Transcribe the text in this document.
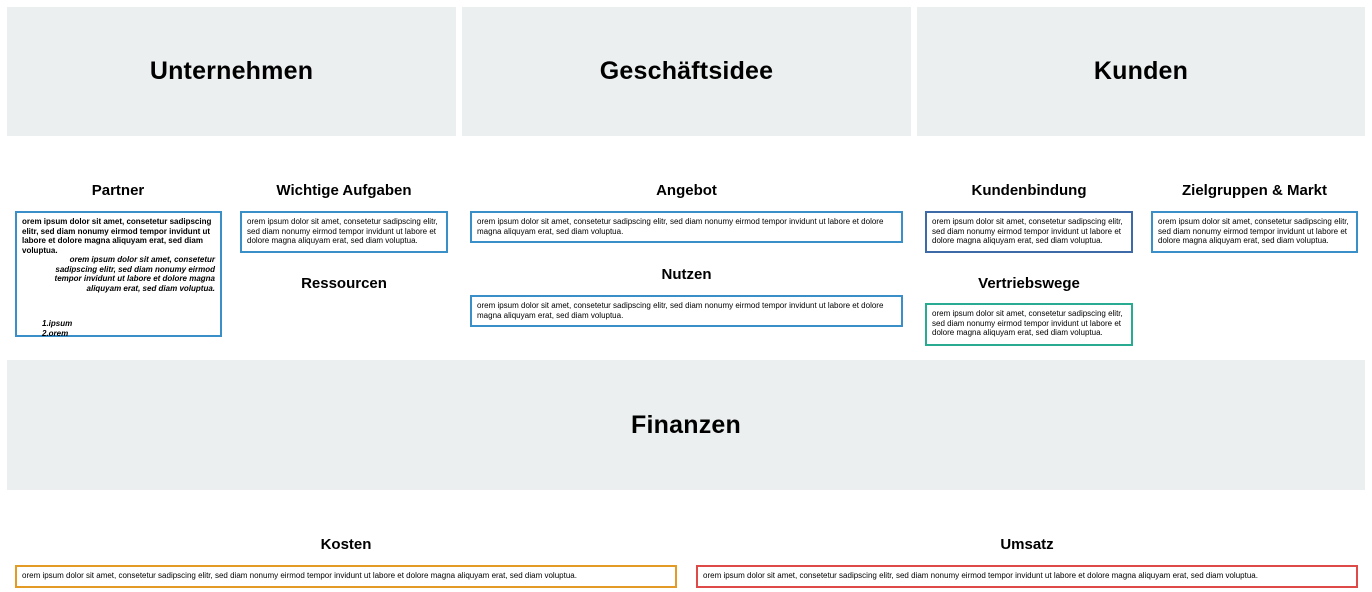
Unternehmen	Geschäftsidee	Kunden
Partner

orem ipsum dolor sit amet, consetetur sadipscing elitr, sed diam nonumy eirmod tempor invidunt ut labore et dolore magna aliquyam erat, sed diam voluptua.

orem ipsum dolor sit amet, consetetur sadipscing elitr, sed diam nonumy eirmod tempor invidunt ut labore et dolore magna aliquyam erat, sed diam voluptua.

1.ipsum
2.orem
Wichtige Aufgaben

orem ipsum dolor sit amet, consetetur sadipscing elitr, sed diam nonumy eirmod tempor invidunt ut labore et dolore magna aliquyam erat, sed diam voluptua.

Ressourcen
Angebot

orem ipsum dolor sit amet, consetetur sadipscing elitr, sed diam nonumy eirmod tempor invidunt ut labore et dolore magna aliquyam erat, sed diam voluptua.

Nutzen

orem ipsum dolor sit amet, consetetur sadipscing elitr, sed diam nonumy eirmod tempor invidunt ut labore et dolore magna aliquyam erat, sed diam voluptua.

Kundenbindung

orem ipsum dolor sit amet, consetetur sadipscing elitr, sed diam nonumy eirmod tempor invidunt ut labore et dolore magna aliquyam erat, sed diam voluptua.

Vertriebswege

orem ipsum dolor sit amet, consetetur sadipscing elitr, sed diam nonumy eirmod tempor invidunt ut labore et dolore magna aliquyam erat, sed diam voluptua.

Zielgruppen & Markt

orem ipsum dolor sit amet, consetetur sadipscing elitr, sed diam nonumy eirmod tempor invidunt ut labore et dolore magna aliquyam erat, sed diam voluptua.

Finanzen
Kosten

orem ipsum dolor sit amet, consetetur sadipscing elitr, sed diam nonumy eirmod tempor invidunt ut labore et dolore magna aliquyam erat, sed diam voluptua.

Umsatz

orem ipsum dolor sit amet, consetetur sadipscing elitr, sed diam nonumy eirmod tempor invidunt ut labore et dolore magna aliquyam erat, sed diam voluptua.
